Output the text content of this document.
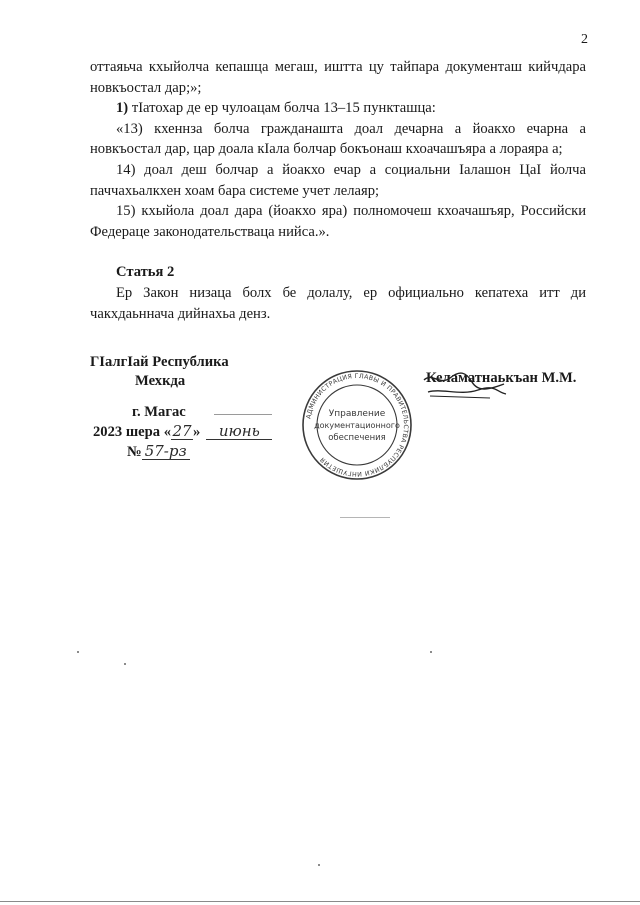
2

оттаяьча кхыйолча кепашца мегаш, иштта цу тайпара документаш кийчдара новкъостал дар;»;

1) тIатохар де ер чулоацам болча 13–15 пункташца:

«13) кхеннза болча гражданашта доал дечарна а йоакхо ечарна а новкъостал дар, цар доала кIала болчар бокъонаш кхоачашъяра а лораяра а;

14) доал деш болчар а йоакхо ечар а социальни Iалашон ЦаI йолча паччахьалкхен хоам бара системе учет лелаяр;

15) кхыйола доал дара (йоакхо яра) полномочеш кхоачашъяр, Российски Федераце законодательстваца нийса.».

Статья 2

Ер Закон низаца болх бе долалу, ер официально кепатеха итт ди чакхдаьннача дийнахьа денз.

ГIалгIай Республика
Мехкда
г. Магас
2023 шера «27» июнь
№ 57-рз
АДМИНИСТРАЦИЯ ГЛАВЫ И ПРАВИТЕЛЬСТВА РЕСПУБЛИКИ ИНГУШЕТИЯ
Управление
документационного
обеспечения
Келаматнаькъан М.М.
